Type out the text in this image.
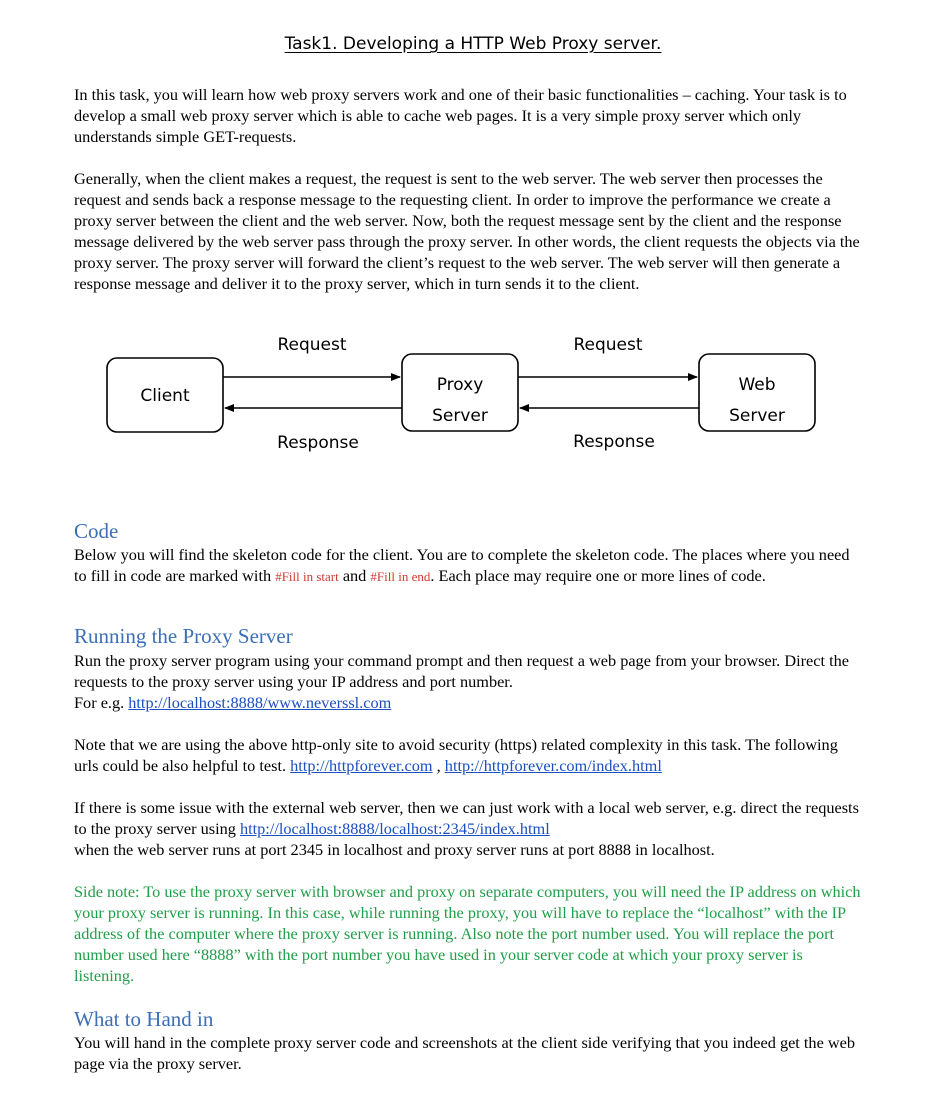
Task1. Developing a HTTP Web Proxy server.

In this task, you will learn how web proxy servers work and one of their basic functionalities – caching. Your task is to develop a small web proxy server which is able to cache web pages. It is a very simple proxy server which only understands simple GET-requests.

Generally, when the client makes a request, the request is sent to the web server. The web server then processes the request and sends back a response message to the requesting client. In order to improve the performance we create a proxy server between the client and the web server. Now, both the request message sent by the client and the response message delivered by the web server pass through the proxy server. In other words, the client requests the objects via the proxy server. The proxy server will forward the client’s request to the web server. The web server will then generate a response message and deliver it to the proxy server, which in turn sends it to the client.

Client
Proxy
Server
Web
Server
Request	Request
Response	Response
Code

Below you will find the skeleton code for the client. You are to complete the skeleton code. The places where you need to fill in code are marked with #Fill in start and #Fill in end. Each place may require one or more lines of code.

Running the Proxy Server

Run the proxy server program using your command prompt and then request a web page from your browser. Direct the requests to the proxy server using your IP address and port number.
For e.g. http://localhost:8888/www.neverssl.com

Note that we are using the above http-only site to avoid security (https) related complexity in this task. The following urls could be also helpful to test. http://httpforever.com , http://httpforever.com/index.html

If there is some issue with the external web server, then we can just work with a local web server, e.g. direct the requests to the proxy server using http://localhost:8888/localhost:2345/index.html
when the web server runs at port 2345 in localhost and proxy server runs at port 8888 in localhost.

Side note: To use the proxy server with browser and proxy on separate computers, you will need the IP address on which your proxy server is running. In this case, while running the proxy, you will have to replace the “localhost” with the IP address of the computer where the proxy server is running. Also note the port number used. You will replace the port number used here “8888” with the port number you have used in your server code at which your proxy server is listening.

What to Hand in

You will hand in the complete proxy server code and screenshots at the client side verifying that you indeed get the web page via the proxy server.
